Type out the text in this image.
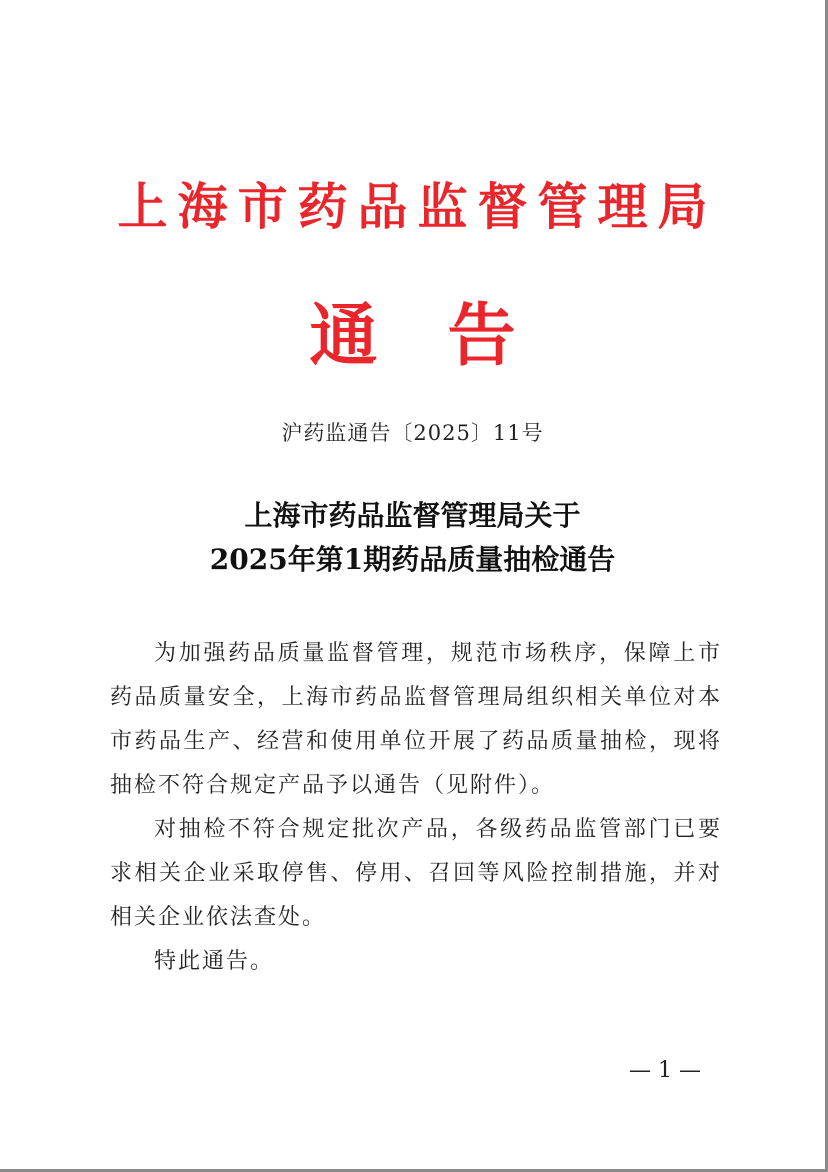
上海市药品监督管理局
通告
沪药监通告〔2025〕11号
上海市药品监督管理局关于
2025年第1期药品质量抽检通告
为加强药品质量监督管理，规范市场秩序，保障上市药品质量安全，上海市药品监督管理局组织相关单位对本市药品生产、经营和使用单位开展了药品质量抽检，现将抽检不符合规定产品予以通告（见附件）。
对抽检不符合规定批次产品，各级药品监管部门已要求相关企业采取停售、停用、召回等风险控制措施，并对相关企业依法查处。
特此通告。
— 1 —
